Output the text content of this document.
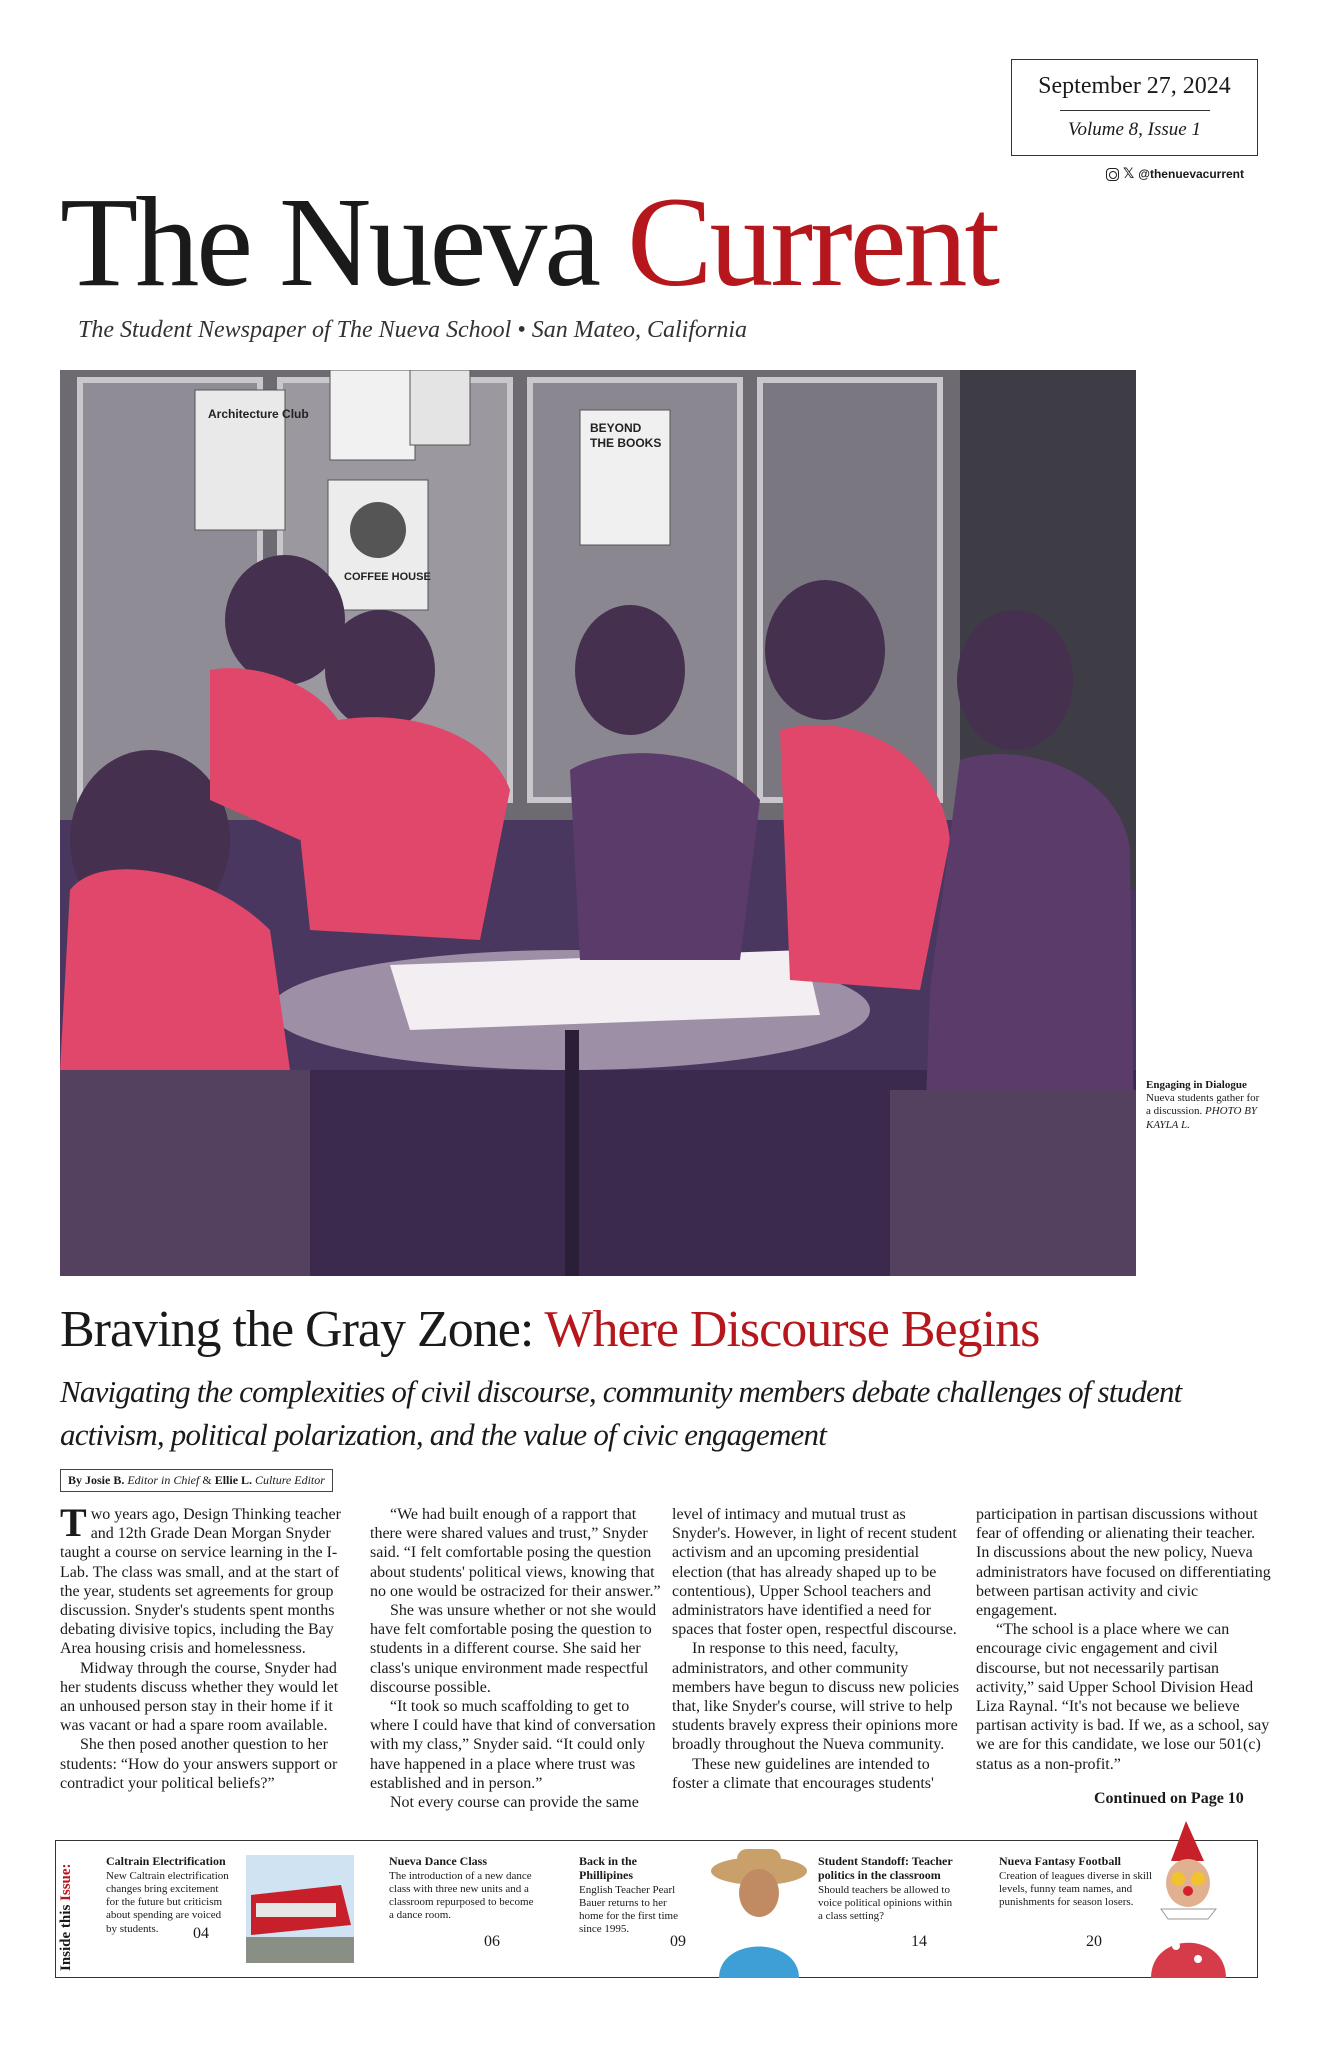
September 27, 2024
Volume 8, Issue 1
𝕏 @thenuevacurrent
The Nueva Current
The Student Newspaper of The Nueva School • San Mateo, California
Architecture Club
COFFEE HOUSE
BEYOND
THE BOOKS
Engaging in Dialogue
Nueva students gather for a discussion. PHOTO BY KAYLA L.
Braving the Gray Zone: Where Discourse Begins
Navigating the complexities of civil discourse, community members debate challenges of student activism, political polarization, and the value of civic engagement
By Josie B. Editor in Chief & Ellie L. Culture Editor

Two years ago, Design Thinking teacher and 12th Grade Dean Morgan Snyder taught a course on service learning in the I-Lab. The class was small, and at the start of the year, students set agreements for group discussion. Snyder's students spent months debating divisive topics, including the Bay Area housing crisis and homelessness.

Midway through the course, Snyder had her students discuss whether they would let an unhoused person stay in their home if it was vacant or had a spare room available.

She then posed another question to her students: “How do your answers support or contradict your political beliefs?”

“We had built enough of a rapport that there were shared values and trust,” Snyder said. “I felt comfortable posing the question about students' political views, knowing that no one would be ostracized for their answer.”

She was unsure whether or not she would have felt comfortable posing the question to students in a different course. She said her class's unique environment made respectful discourse possible.

“It took so much scaffolding to get to where I could have that kind of conversation with my class,” Snyder said. “It could only have happened in a place where trust was established and in person.”

Not every course can provide the same

level of intimacy and mutual trust as Snyder's. However, in light of recent student activism and an upcoming presidential election (that has already shaped up to be contentious), Upper School teachers and administrators have identified a need for spaces that foster open, respectful discourse.

In response to this need, faculty, administrators, and other community members have begun to discuss new policies that, like Snyder's course, will strive to help students bravely express their opinions more broadly throughout the Nueva community.

These new guidelines are intended to foster a climate that encourages students'

participation in partisan discussions without fear of offending or alienating their teacher. In discussions about the new policy, Nueva administrators have focused on differentiating between partisan activity and civic engagement.

“The school is a place where we can encourage civic engagement and civil discourse, but not necessarily partisan activity,” said Upper School Division Head Liza Raynal. “It's not because we believe partisan activity is bad. If we, as a school, say we are for this candidate, we lose our 501(c) status as a non-profit.”

Continued on Page 10
Inside this Issue:
Caltrain Electrification
New Caltrain electrification changes bring excitement for the future but criticism about spending are voiced by students.	04
Nueva Dance Class
The introduction of a new dance class with three new units and a classroom repurposed to become a dance room.
06
Back in the Phillipines
English Teacher Pearl Bauer returns to her home for the first time since 1995.
09
Student Standoff: Teacher politics in the classroom
Should teachers be allowed to voice political opinions within a class setting?
14
Nueva Fantasy Football
Creation of leagues diverse in skill levels, funny team names, and punishments for season losers.
20
